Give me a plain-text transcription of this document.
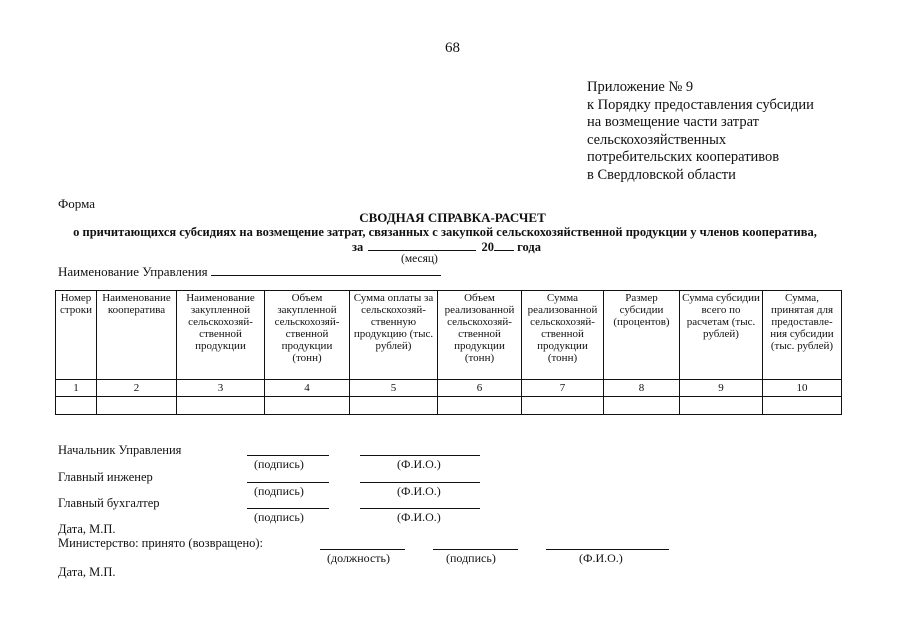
68
Приложение № 9
к Порядку предоставления субсидии
на возмещение части затрат
сельскохозяйственных
потребительских кооперативов
в Свердловской области
Форма
СВОДНАЯ СПРАВКА-РАСЧЕТ
о причитающихся субсидиях на возмещение затрат, связанных с закупкой сельскохозяйственной продукции у членов кооператива,
за	20 года
(месяц)
Наименование Управления
Номер строки	Наименование кооператива	Наименование закупленной сельскохозяй-ственной продукции	Объем закупленной сельскохозяй-ственной продукции (тонн)	Сумма оплаты за сельскохозяй-ственную продукцию (тыс. рублей)	Объем реализованной сельскохозяй-ственной продукции (тонн)	Сумма реализованной сельскохозяй-ственной продукции (тонн)	Размер субсидии (процентов)	Сумма субсидии всего по расчетам (тыс. рублей)	Сумма, принятая для предоставле-ния субсидии (тыс. рублей)
1	2	3	4	5	6	7	8	9	10

Начальник Управления
(подпись)	(Ф.И.О.)
Главный инженер
(подпись)	(Ф.И.О.)
Главный бухгалтер
(подпись)	(Ф.И.О.)
Дата, М.П.
Министерство: принято (возвращено):
(должность)	(подпись)	(Ф.И.О.)
Дата, М.П.
